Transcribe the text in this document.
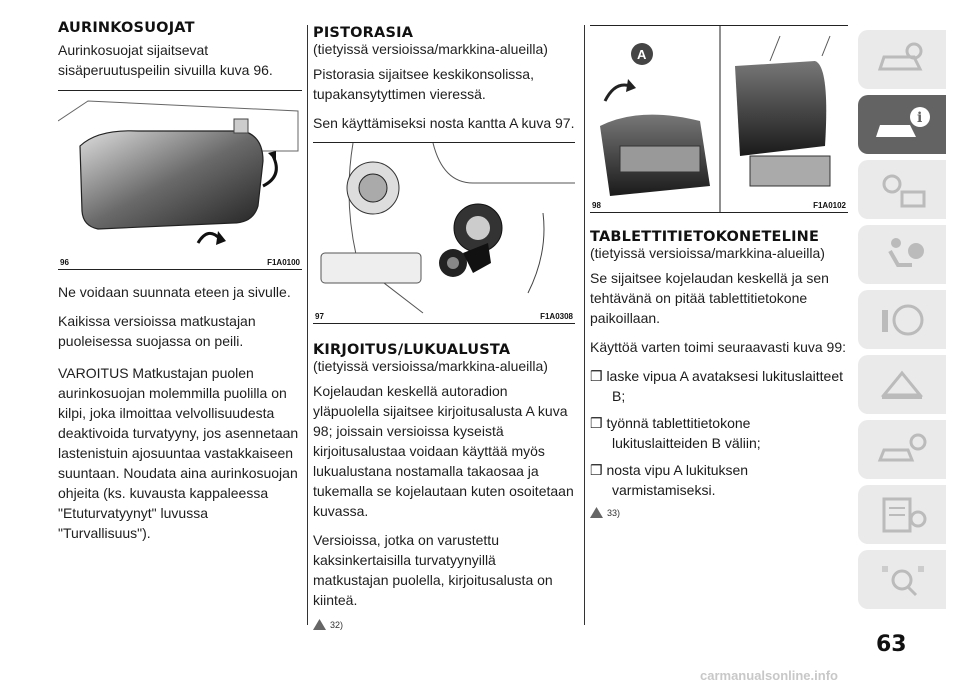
AURINKOSUOJAT

Aurinkosuojat sijaitsevat sisäperuutuspeilin sivuilla kuva 96.

96	F1A0100

Ne voidaan suunnata eteen ja sivulle.

Kaikissa versioissa matkustajan puoleisessa suojassa on peili.

VAROITUS Matkustajan puolen aurinkosuojan molemmilla puolilla on kilpi, joka ilmoittaa velvollisuudesta deaktivoida turvatyyny, jos asennetaan lastenistuin ajosuuntaa vastakkaiseen suuntaan. Noudata aina aurinkosuojan ohjeita (ks. kuvausta kappaleessa "Etuturvatyynyt" luvussa "Turvallisuus").

PISTORASIA

(tietyissä versioissa/markkina-alueilla)

Pistorasia sijaitsee keskikonsolissa, tupakansytyttimen vieressä.

Sen käyttämiseksi nosta kantta A kuva 97.

97	F1A0308
KIRJOITUS/LUKUALUSTA

(tietyissä versioissa/markkina-alueilla)

Kojelaudan keskellä autoradion yläpuolella sijaitsee kirjoitusalusta A kuva 98; joissain versioissa kyseistä kirjoitusalustaa voidaan käyttää myös lukualustana nostamalla takaosaa ja tukemalla se kojelautaan kuten osoitetaan kuvassa.

Versioissa, jotka on varustettu kaksinkertaisilla turvatyynyillä matkustajan puolella, kirjoitusalusta on kiinteä.

32)
A
98	F1A0102
TABLETTITIETOKONETELINE

(tietyissä versioissa/markkina-alueilla)

Se sijaitsee kojelaudan keskellä ja sen tehtävänä on pitää tablettitietokone paikoillaan.

Käyttöä varten toimi seuraavasti kuva 99:

❒ laske vipua A avataksesi lukituslaitteet B;
❒ työnnä tablettitietokone lukituslaitteiden B väliin;
❒ nosta vipu A lukituksen varmistamiseksi.
33)
i
63
carmanualsonline.info
